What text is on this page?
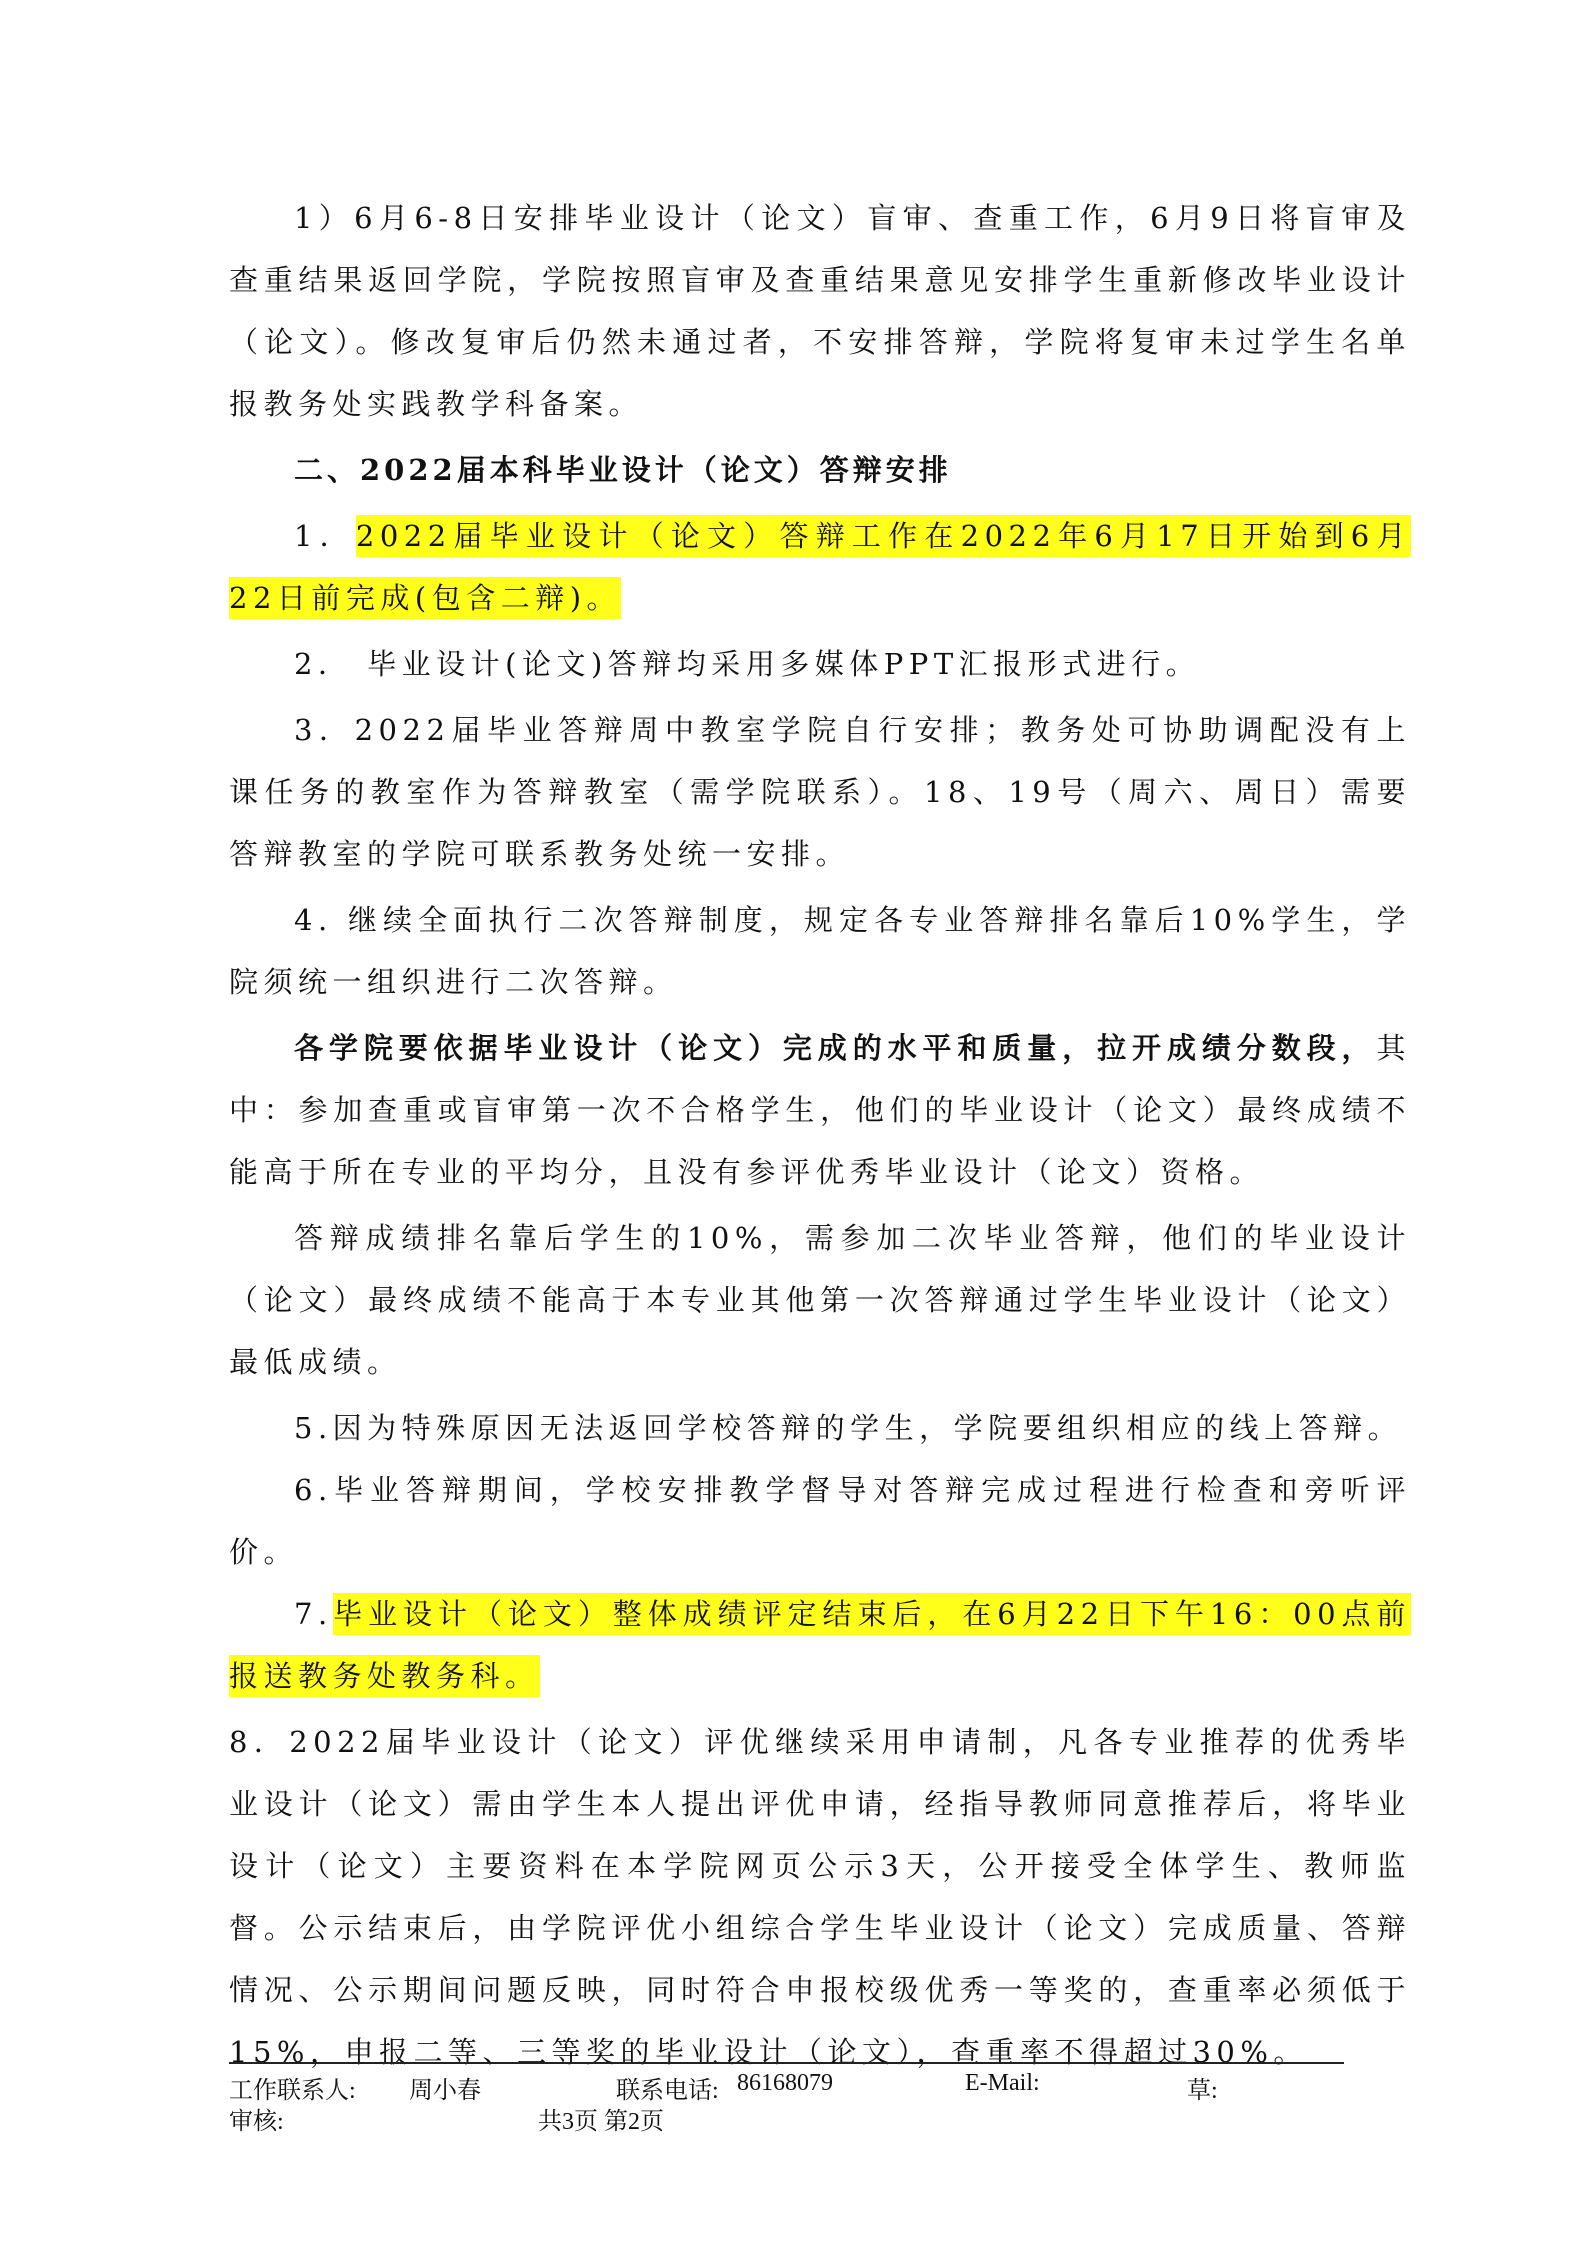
1）6月6-8日安排毕业设计（论文）盲审、查重工作，6月9日将盲审及查重结果返回学院，学院按照盲审及查重结果意见安排学生重新修改毕业设计（论文）。修改复审后仍然未通过者，不安排答辩，学院将复审未过学生名单报教务处实践教学科备案。

二、2022届本科毕业设计（论文）答辩安排

1．2022届毕业设计（论文）答辩工作在2022年6月17日开始到6月22日前完成(包含二辩)。

2． 毕业设计(论文)答辩均采用多媒体PPT汇报形式进行。

3．2022届毕业答辩周中教室学院自行安排；教务处可协助调配没有上课任务的教室作为答辩教室（需学院联系）。18、19号（周六、周日）需要答辩教室的学院可联系教务处统一安排。

4. 继续全面执行二次答辩制度，规定各专业答辩排名靠后10%学生，学院须统一组织进行二次答辩。

各学院要依据毕业设计（论文）完成的水平和质量，拉开成绩分数段，其中：参加查重或盲审第一次不合格学生，他们的毕业设计（论文）最终成绩不能高于所在专业的平均分，且没有参评优秀毕业设计（论文）资格。

答辩成绩排名靠后学生的10%，需参加二次毕业答辩，他们的毕业设计（论文）最终成绩不能高于本专业其他第一次答辩通过学生毕业设计（论文）最低成绩。

5.因为特殊原因无法返回学校答辩的学生，学院要组织相应的线上答辩。

6.毕业答辩期间，学校安排教学督导对答辩完成过程进行检查和旁听评价。

7.毕业设计（论文）整体成绩评定结束后，在6月22日下午16：00点前报送教务处教务科。

8．2022届毕业设计（论文）评优继续采用申请制，凡各专业推荐的优秀毕业设计（论文）需由学生本人提出评优申请，经指导教师同意推荐后，将毕业设计（论文）主要资料在本学院网页公示3天，公开接受全体学生、教师监督。公示结束后，由学院评优小组综合学生毕业设计（论文）完成质量、答辩情况、公示期间问题反映，同时符合申报校级优秀一等奖的，查重率必须低于15%，申报二等、三等奖的毕业设计（论文），查重率不得超过30%。

工作联系人: 周小春	联系电话: 86168079	E-Mail:	草:
审核:	共3页 第2页
